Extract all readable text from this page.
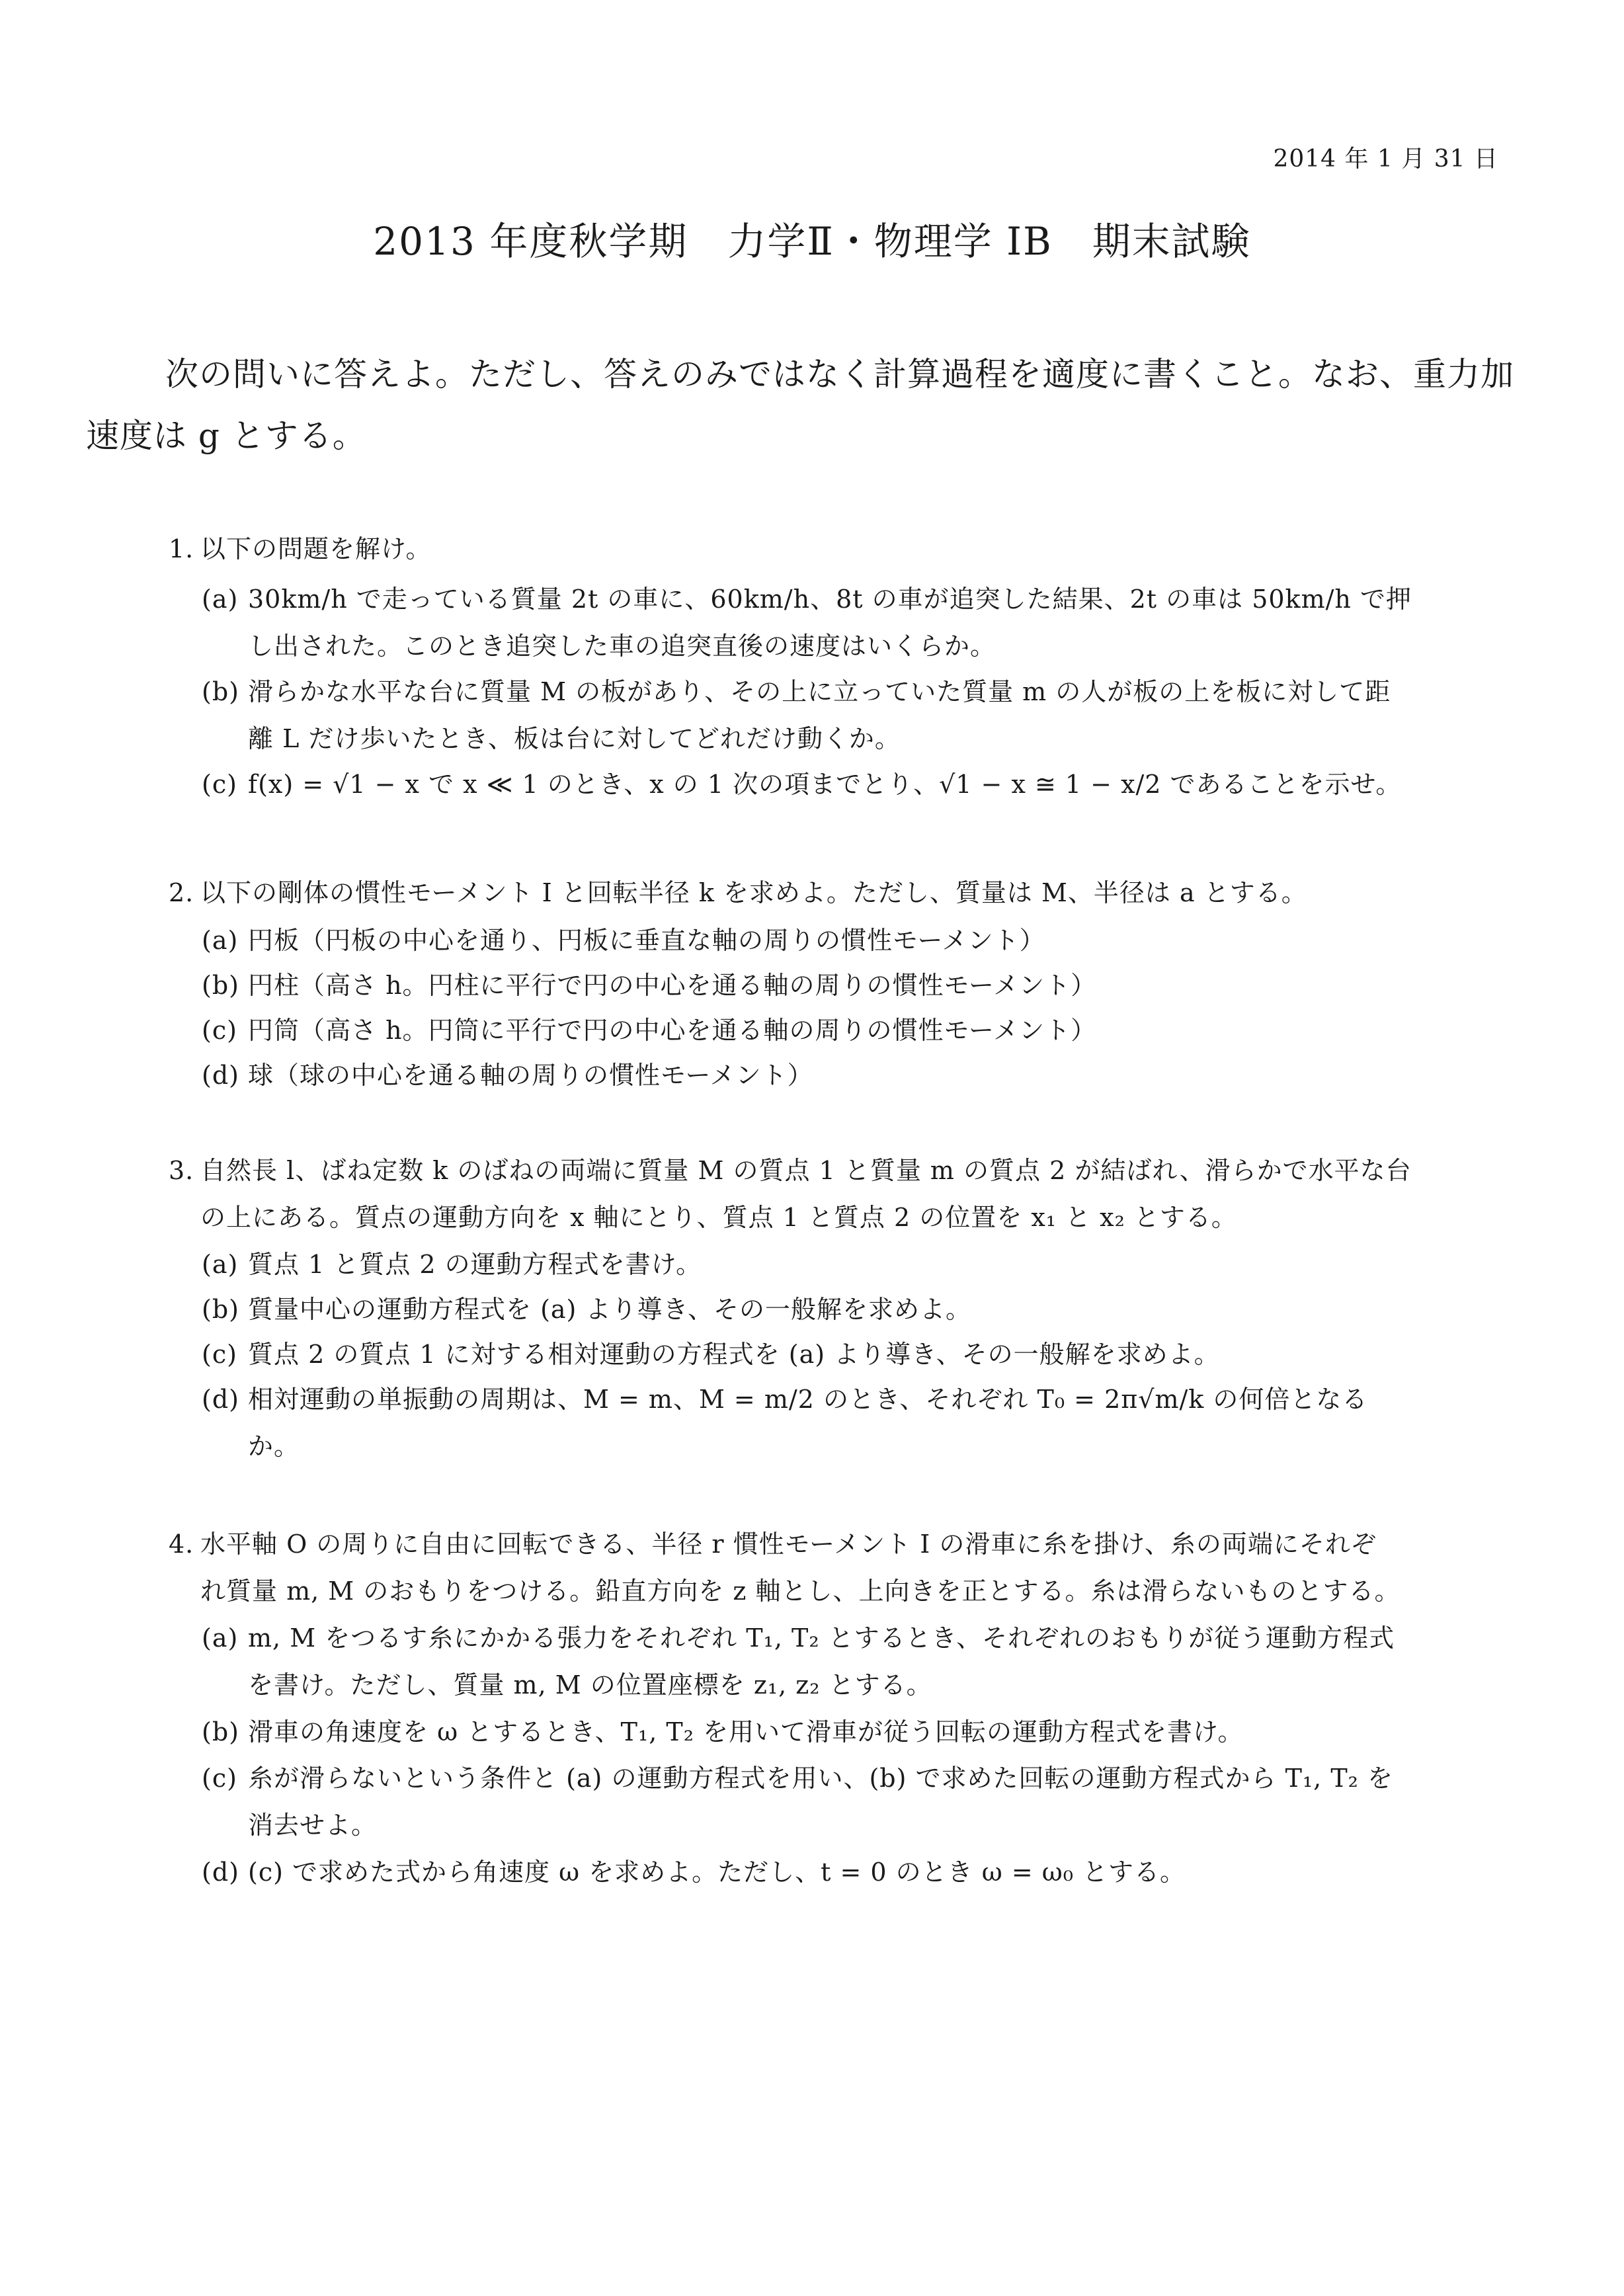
2014 年 1 月 31 日
2013 年度秋学期　力学Ⅱ・物理学 IB　期末試験
次の問いに答えよ。ただし、答えのみではなく計算過程を適度に書くこと。なお、重力加
速度は g とする。
1. 以下の問題を解け。
(a) 30km/h で走っている質量 2t の車に、60km/h、8t の車が追突した結果、2t の車は 50km/h で押
し出された。このとき追突した車の追突直後の速度はいくらか。
(b) 滑らかな水平な台に質量 M の板があり、その上に立っていた質量 m の人が板の上を板に対して距
離 L だけ歩いたとき、板は台に対してどれだけ動くか。
(c) f(x) = √1 − x で x ≪ 1 のとき、x の 1 次の項までとり、√1 − x ≅ 1 − x/2 であることを示せ。
2. 以下の剛体の慣性モーメント I と回転半径 k を求めよ。ただし、質量は M、半径は a とする。
(a) 円板（円板の中心を通り、円板に垂直な軸の周りの慣性モーメント）
(b) 円柱（高さ h。円柱に平行で円の中心を通る軸の周りの慣性モーメント）
(c) 円筒（高さ h。円筒に平行で円の中心を通る軸の周りの慣性モーメント）
(d) 球（球の中心を通る軸の周りの慣性モーメント）
3. 自然長 l、ばね定数 k のばねの両端に質量 M の質点 1 と質量 m の質点 2 が結ばれ、滑らかで水平な台
の上にある。質点の運動方向を x 軸にとり、質点 1 と質点 2 の位置を x₁ と x₂ とする。
(a) 質点 1 と質点 2 の運動方程式を書け。
(b) 質量中心の運動方程式を (a) より導き、その一般解を求めよ。
(c) 質点 2 の質点 1 に対する相対運動の方程式を (a) より導き、その一般解を求めよ。
(d) 相対運動の単振動の周期は、M = m、M = m/2 のとき、それぞれ T₀ = 2π√m/k の何倍となる
か。
4. 水平軸 O の周りに自由に回転できる、半径 r 慣性モーメント I の滑車に糸を掛け、糸の両端にそれぞ
れ質量 m, M のおもりをつける。鉛直方向を z 軸とし、上向きを正とする。糸は滑らないものとする。
(a) m, M をつるす糸にかかる張力をそれぞれ T₁, T₂ とするとき、それぞれのおもりが従う運動方程式
を書け。ただし、質量 m, M の位置座標を z₁, z₂ とする。
(b) 滑車の角速度を ω とするとき、T₁, T₂ を用いて滑車が従う回転の運動方程式を書け。
(c) 糸が滑らないという条件と (a) の運動方程式を用い、(b) で求めた回転の運動方程式から T₁, T₂ を
消去せよ。
(d) (c) で求めた式から角速度 ω を求めよ。ただし、t = 0 のとき ω = ω₀ とする。
